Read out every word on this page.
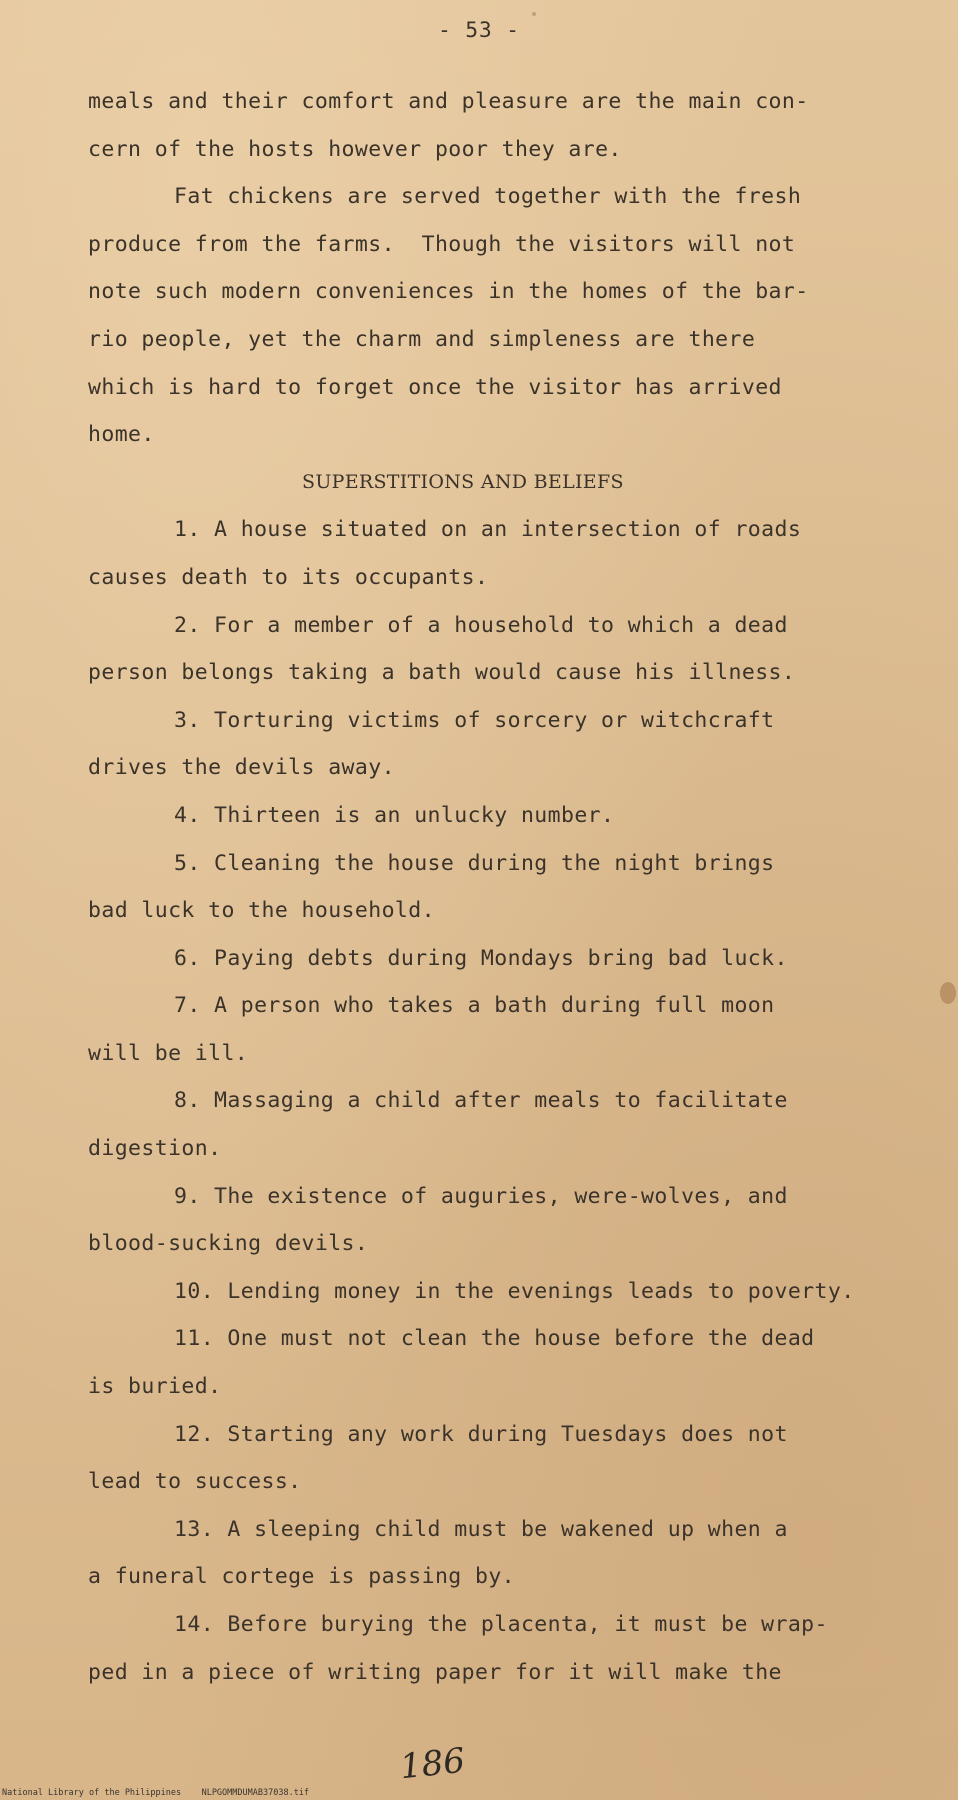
- 53 -
meals and their comfort and pleasure are the main con-
cern of the hosts however poor they are.
Fat chickens are served together with the fresh
produce from the farms.  Though the visitors will not
note such modern conveniences in the homes of the bar-
rio people, yet the charm and simpleness are there
which is hard to forget once the visitor has arrived
home.
SUPERSTITIONS AND BELIEFS
1. A house situated on an intersection of roads
causes death to its occupants.
2. For a member of a household to which a dead
person belongs taking a bath would cause his illness.
3. Torturing victims of sorcery or witchcraft
drives the devils away.
4. Thirteen is an unlucky number.
5. Cleaning the house during the night brings
bad luck to the household.
6. Paying debts during Mondays bring bad luck.
7. A person who takes a bath during full moon
will be ill.
8. Massaging a child after meals to facilitate
digestion.
9. The existence of auguries, were-wolves, and
blood-sucking devils.
10. Lending money in the evenings leads to poverty.
11. One must not clean the house before the dead
is buried.
12. Starting any work during Tuesdays does not
lead to success.
13. A sleeping child must be wakened up when a
a funeral cortege is passing by.
14. Before burying the placenta, it must be wrap-
ped in a piece of writing paper for it will make the
186
National Library of the Philippines    NLPGOMMDUMAB37038.tif
